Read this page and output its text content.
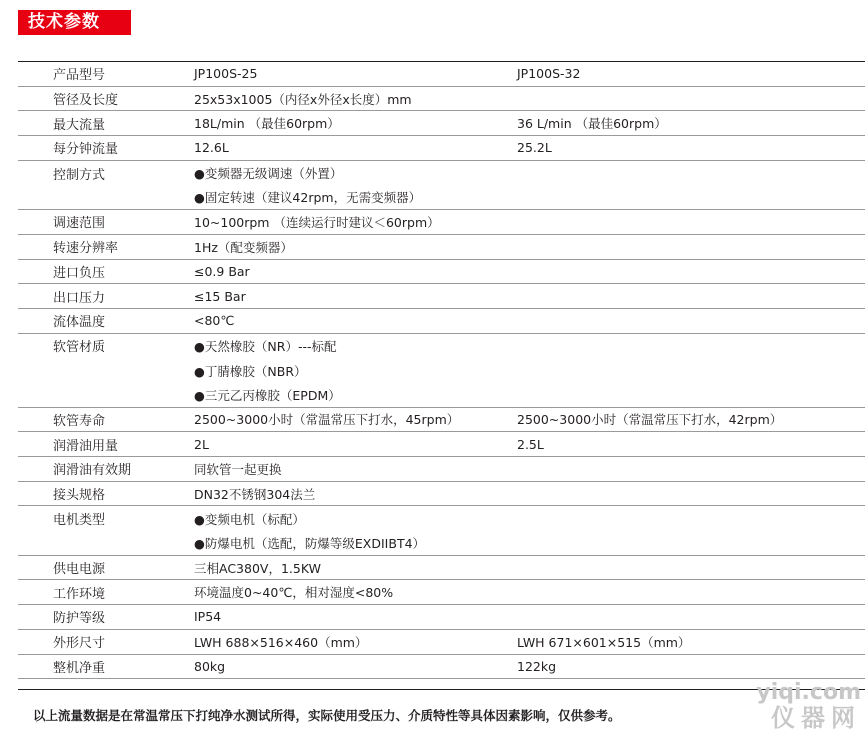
技术参数
产品型号	JP100S-25	JP100S-32
管径及长度	25x53x1005（内径x外径x长度）mm
最大流量	18L/min （最佳60rpm）	36 L/min （最佳60rpm）
每分钟流量	12.6L	25.2L
控制方式	●变频器无级调速（外置）
●固定转速（建议42rpm，无需变频器）
调速范围	10~100rpm （连续运行时建议＜60rpm）
转速分辨率	1Hz（配变频器）
进口负压	≤0.9 Bar
出口压力	≤15 Bar
流体温度	<80℃
软管材质	●天然橡胶（NR）---标配
●丁腈橡胶（NBR）
●三元乙丙橡胶（EPDM）
软管寿命	2500~3000小时（常温常压下打水，45rpm）	2500~3000小时（常温常压下打水，42rpm）
润滑油用量	2L	2.5L
润滑油有效期	同软管一起更换
接头规格	DN32不锈钢304法兰
电机类型	●变频电机（标配）
●防爆电机（选配，防爆等级EXDIIBT4）
供电电源	三相AC380V，1.5KW
工作环境	环境温度0~40℃，相对湿度<80%
防护等级	IP54
外形尺寸	LWH 688×516×460（mm）	LWH 671×601×515（mm）
整机净重	80kg	122kg
以上流量数据是在常温常压下打纯净水测试所得，实际使用受压力、介质特性等具体因素影响，仅供参考。
yiqi.com
仪器网
